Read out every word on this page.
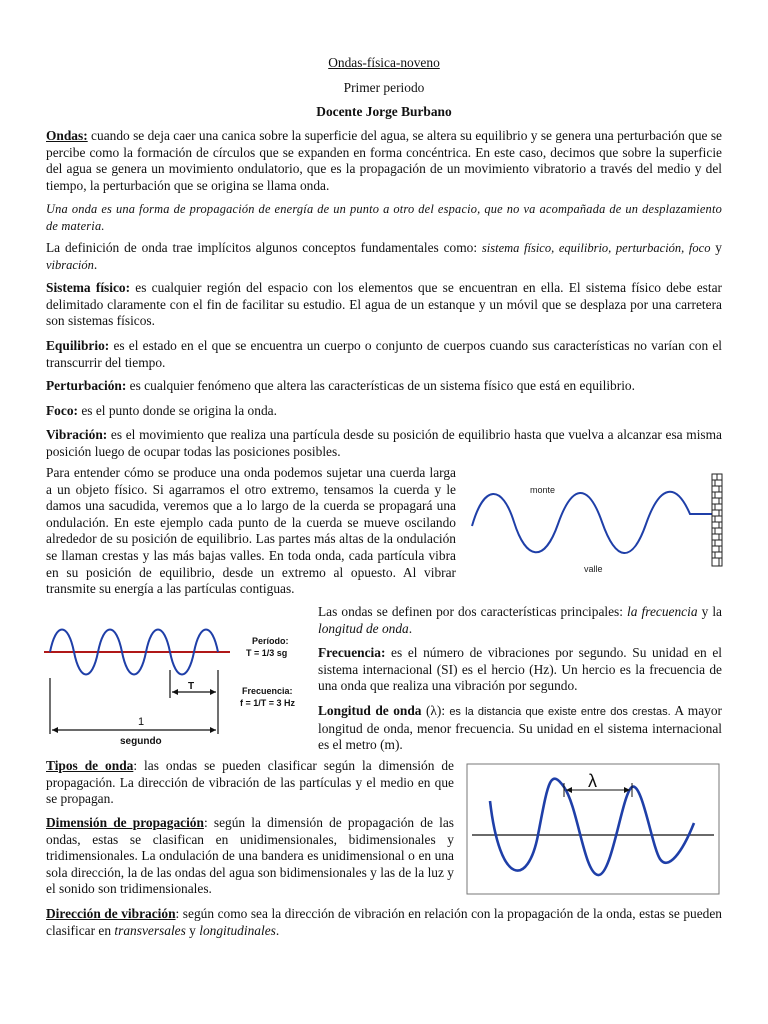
Ondas-física-noveno
Primer periodo
Docente Jorge Burbano
Ondas: cuando se deja caer una canica sobre la superficie del agua, se altera su equilibrio y se genera una perturbación que se percibe como la formación de círculos que se expanden en forma concéntrica. En este caso, decimos que sobre la superficie del agua se genera un movimiento ondulatorio, que es la propagación de un movimiento vibratorio a través del medio y del tiempo, la perturbación que se origina se llama onda.
Una onda es una forma de propagación de energía de un punto a otro del espacio, que no va acompañada de un desplazamiento de materia.
La definición de onda trae implícitos algunos conceptos fundamentales como: sistema físico, equilibrio, perturbación, foco y vibración.
Sistema físico: es cualquier región del espacio con los elementos que se encuentran en ella. El sistema físico debe estar delimitado claramente con el fin de facilitar su estudio. El agua de un estanque y un móvil que se desplaza por una carretera son sistemas físicos.
Equilibrio: es el estado en el que se encuentra un cuerpo o conjunto de cuerpos cuando sus características no varían con el transcurrir del tiempo.
Perturbación: es cualquier fenómeno que altera las características de un sistema físico que está en equilibrio.
Foco: es el punto donde se origina la onda.
Vibración: es el movimiento que realiza una partícula desde su posición de equilibrio hasta que vuelva a alcanzar esa misma posición luego de ocupar todas las posiciones posibles.
Para entender cómo se produce una onda podemos sujetar una cuerda larga a un objeto físico. Si agarramos el otro extremo, tensamos la cuerda y le damos una sacudida, veremos que a lo largo de la cuerda se propagará una ondulación. En este ejemplo cada punto de la cuerda se mueve oscilando alrededor de su posición de equilibrio. Las partes más altas de la ondulación se llaman crestas y las más bajas valles. En toda onda, cada partícula vibra en su posición de equilibrio, desde un extremo al opuesto. Al vibrar transmite su energía a las partículas contiguas.
monte
valle
T
1
segundo
Período:
T = 1/3 sg
Frecuencia:
f = 1/T = 3 Hz
Las ondas se definen por dos características principales: la frecuencia y la longitud de onda.
Frecuencia: es el número de vibraciones por segundo. Su unidad en el sistema internacional (SI) es el hercio (Hz). Un hercio es la frecuencia de una onda que realiza una vibración por segundo.
Longitud de onda (λ): es la distancia que existe entre dos crestas. A mayor longitud de onda, menor frecuencia. Su unidad en el sistema internacional es el metro (m).
Tipos de onda: las ondas se pueden clasificar según la dimensión de propagación. La dirección de vibración de las partículas y el medio en que se propagan.
Dimensión de propagación: según la dimensión de propagación de las ondas, estas se clasifican en unidimensionales, bidimensionales y tridimensionales. La ondulación de una bandera es unidimensional o en una sola dirección, la de las ondas del agua son bidimensionales y las de la luz y el sonido son tridimensionales.
λ
Dirección de vibración: según como sea la dirección de vibración en relación con la propagación de la onda, estas se pueden clasificar en transversales y longitudinales.
